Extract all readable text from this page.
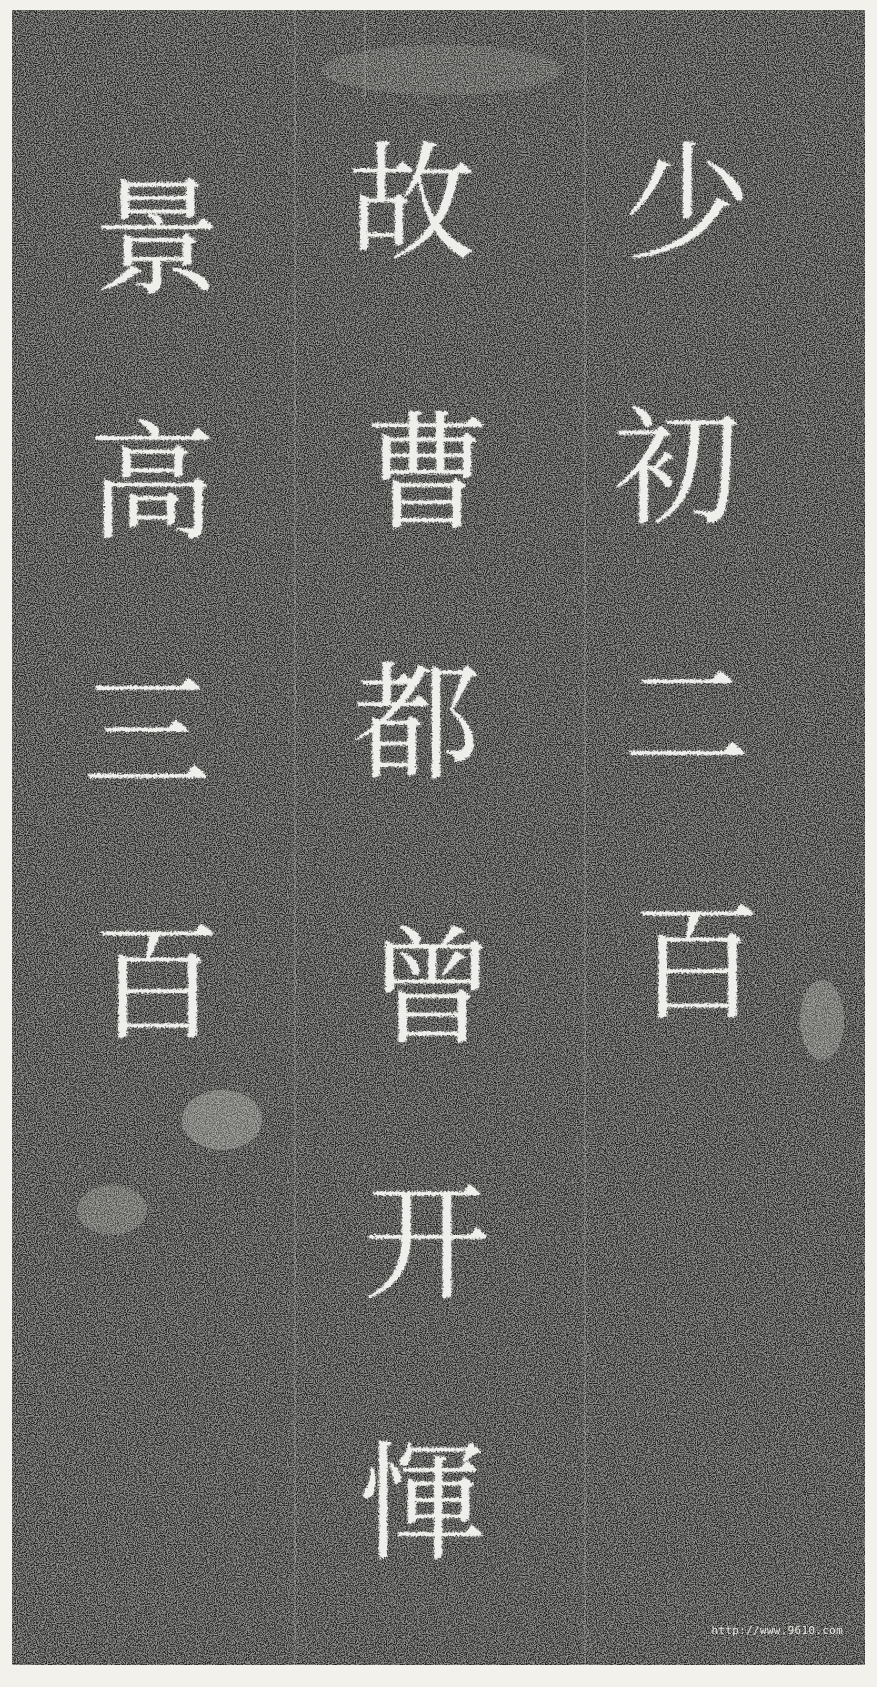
少
初
二
百
故
曹
都
曾
开
惲
景
高
三
百
http://www.9610.com
